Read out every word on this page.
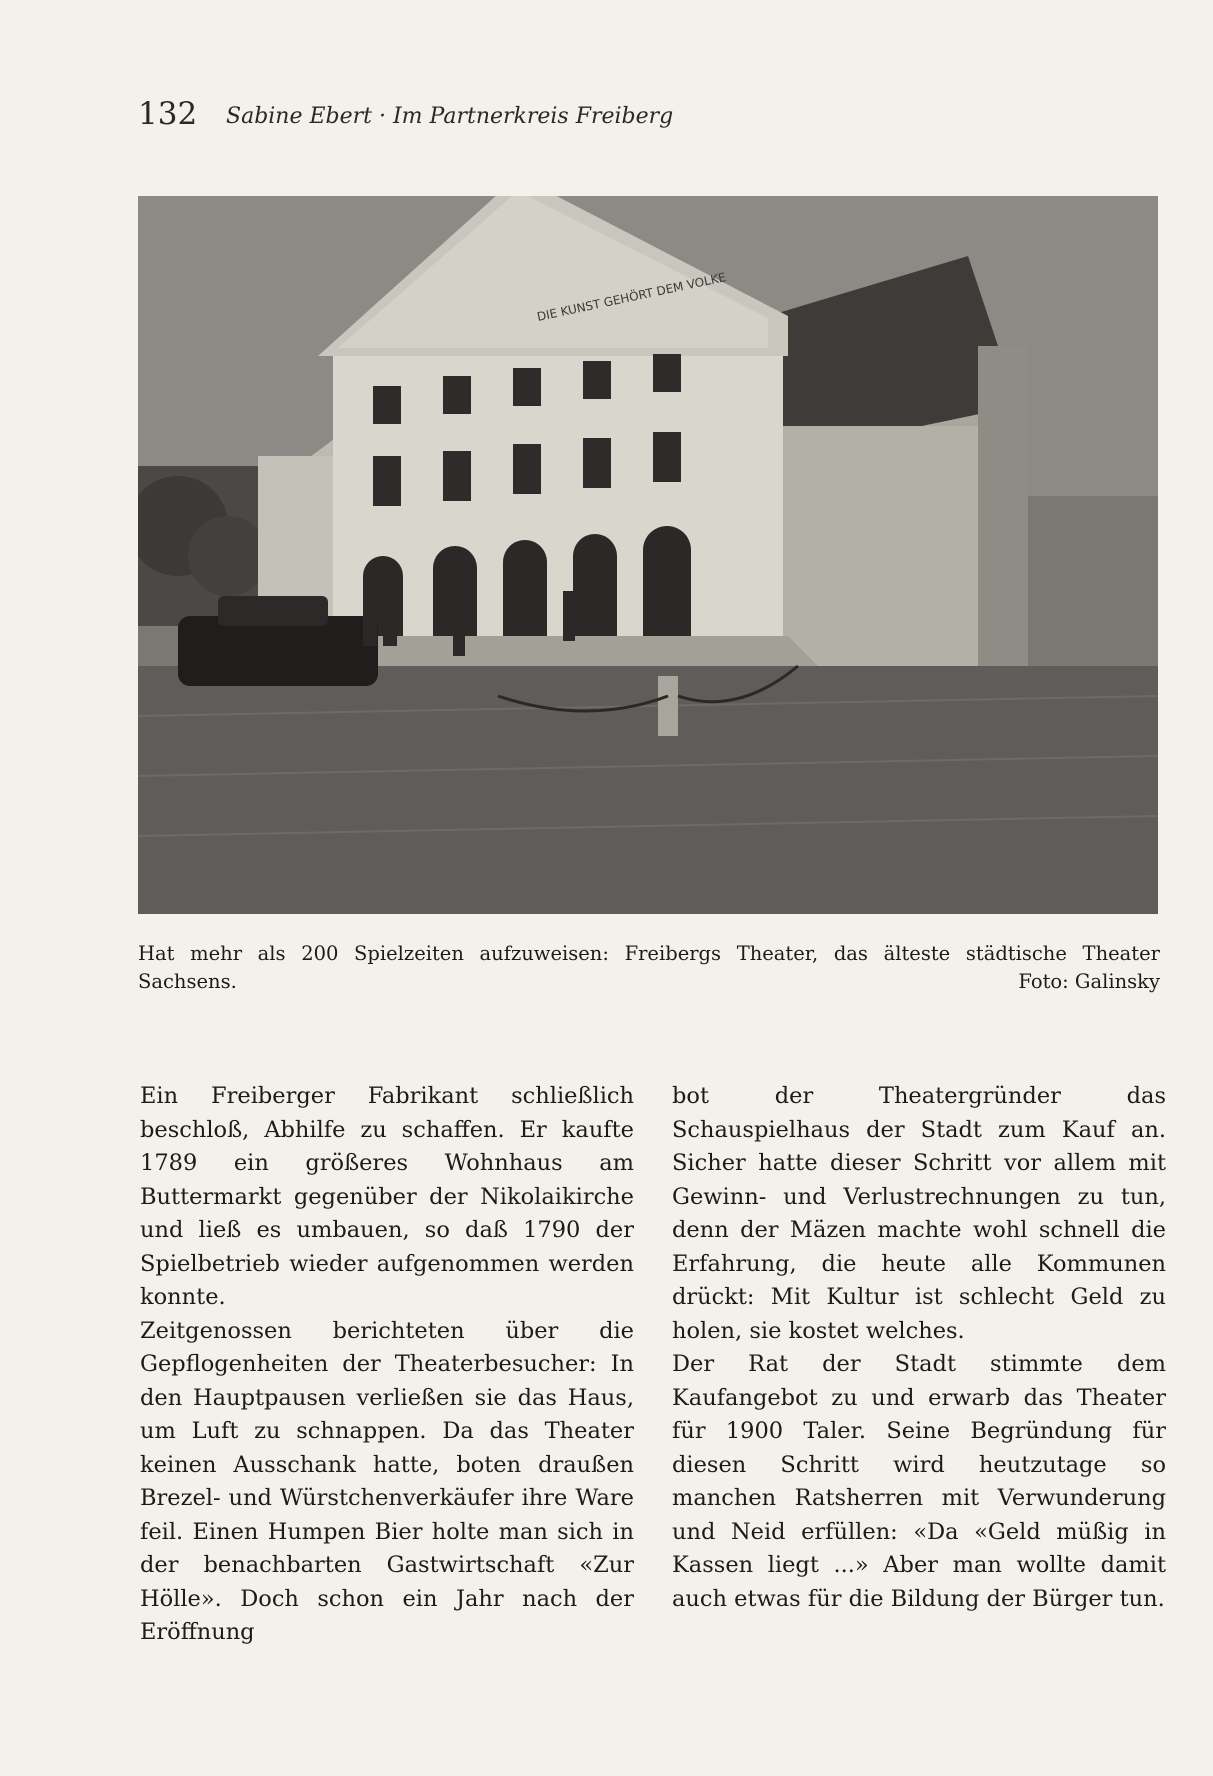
132 Sabine Ebert · Im Partnerkreis Freiberg
DIE KUNST GEHÖRT DEM VOLKE
Hat mehr als 200 Spielzeiten aufzuweisen: Freibergs Theater, das älteste städtische Theater Sachsens.	Foto: Galinsky

Ein Freiberger Fabrikant schließlich beschloß, Abhilfe zu schaffen. Er kaufte 1789 ein größeres Wohnhaus am Buttermarkt gegenüber der Nikolaikirche und ließ es umbauen, so daß 1790 der Spielbetrieb wieder aufgenommen werden konnte.

Zeitgenossen berichteten über die Gepflogenheiten der Theaterbesucher: In den Hauptpausen verließen sie das Haus, um Luft zu schnappen. Da das Theater keinen Ausschank hatte, boten draußen Brezel- und Würstchenverkäufer ihre Ware feil. Einen Humpen Bier holte man sich in der benachbarten Gastwirtschaft «Zur Hölle». Doch schon ein Jahr nach der Eröffnung

bot der Theatergründer das Schauspielhaus der Stadt zum Kauf an. Sicher hatte dieser Schritt vor allem mit Gewinn- und Verlustrechnungen zu tun, denn der Mäzen machte wohl schnell die Erfahrung, die heute alle Kommunen drückt: Mit Kultur ist schlecht Geld zu holen, sie kostet welches.

Der Rat der Stadt stimmte dem Kaufangebot zu und erwarb das Theater für 1900 Taler. Seine Begründung für diesen Schritt wird heutzutage so manchen Ratsherren mit Verwunderung und Neid erfüllen: «Da «Geld müßig in Kassen liegt ...» Aber man wollte damit auch etwas für die Bildung der Bürger tun.
